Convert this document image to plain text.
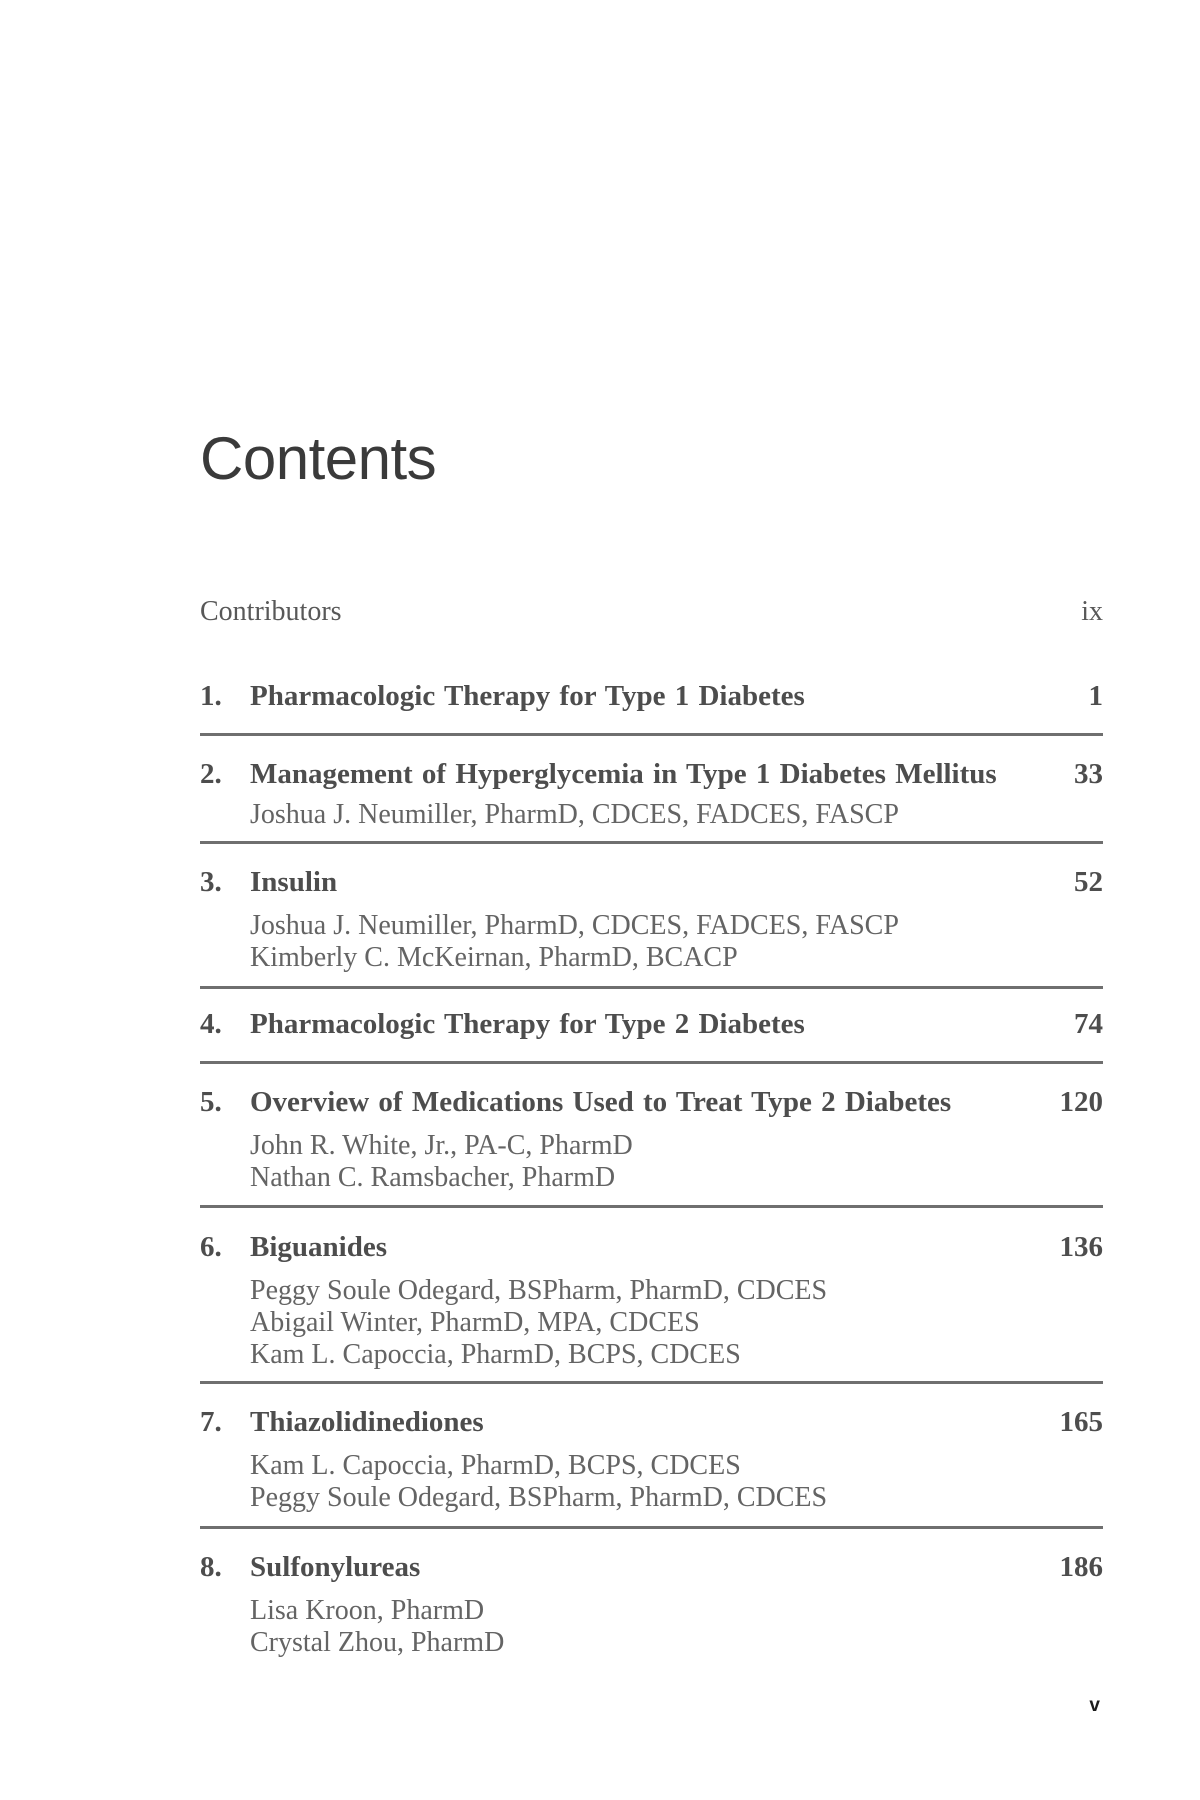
Contents
Contributors	ix
1. Pharmacologic Therapy for Type 1 Diabetes	1
2. Management of Hyperglycemia in Type 1 Diabetes Mellitus	33
Joshua J. Neumiller, PharmD, CDCES, FADCES, FASCP
3. Insulin	52
Joshua J. Neumiller, PharmD, CDCES, FADCES, FASCP
Kimberly C. McKeirnan, PharmD, BCACP
4. Pharmacologic Therapy for Type 2 Diabetes	74
5. Overview of Medications Used to Treat Type 2 Diabetes	120
John R. White, Jr., PA-C, PharmD
Nathan C. Ramsbacher, PharmD
6. Biguanides	136
Peggy Soule Odegard, BSPharm, PharmD, CDCES
Abigail Winter, PharmD, MPA, CDCES
Kam L. Capoccia, PharmD, BCPS, CDCES
7. Thiazolidinediones	165
Kam L. Capoccia, PharmD, BCPS, CDCES
Peggy Soule Odegard, BSPharm, PharmD, CDCES
8. Sulfonylureas	186
Lisa Kroon, PharmD
Crystal Zhou, PharmD
v
